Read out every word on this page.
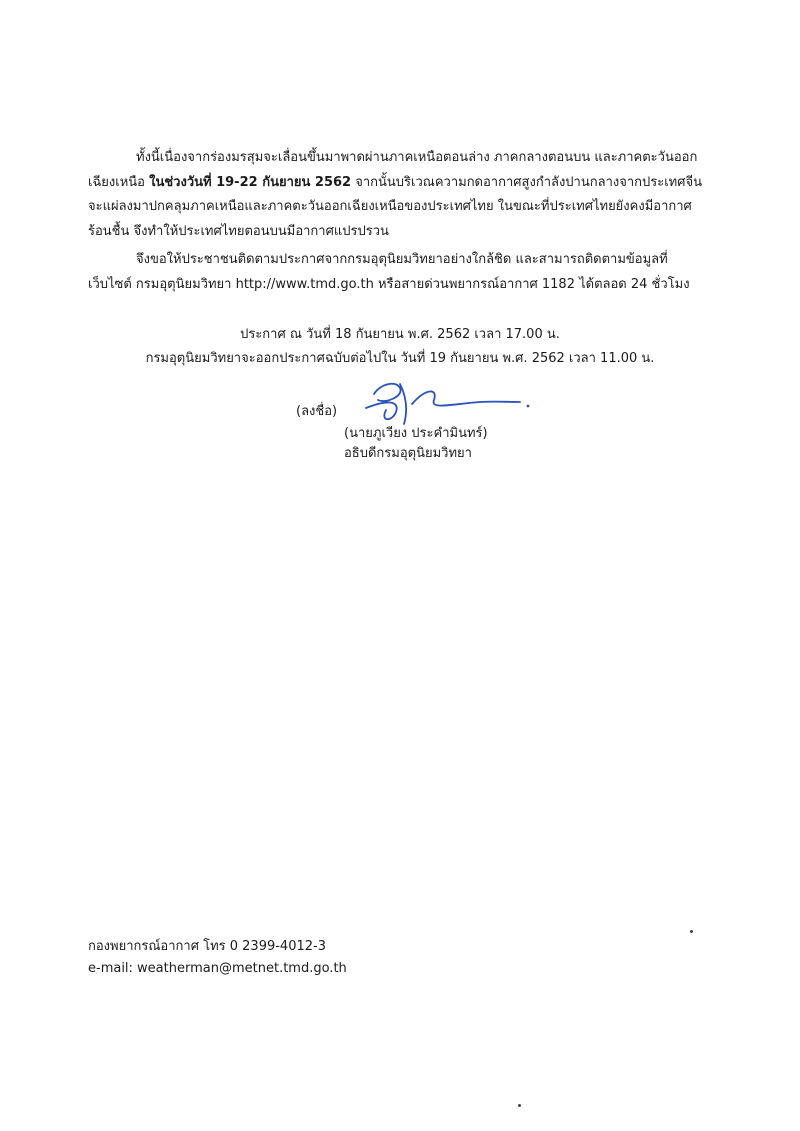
ทั้งนี้เนื่องจากร่องมรสุมจะเลื่อนขึ้นมาพาดผ่านภาคเหนือตอนล่าง ภาคกลางตอนบน และภาคตะวันออกเฉียงเหนือ ในช่วงวันที่ 19-22 กันยายน 2562 จากนั้นบริเวณความกดอากาศสูงกำลังปานกลางจากประเทศจีนจะแผ่ลงมาปกคลุมภาคเหนือและภาคตะวันออกเฉียงเหนือของประเทศไทย ในขณะที่ประเทศไทยยังคงมีอากาศร้อนชื้น จึงทำให้ประเทศไทยตอนบนมีอากาศแปรปรวน

จึงขอให้ประชาชนติดตามประกาศจากกรมอุตุนิยมวิทยาอย่างใกล้ชิด และสามารถติดตามข้อมูลที่เว็บไซต์ กรมอุตุนิยมวิทยา http://www.tmd.go.th หรือสายด่วนพยากรณ์อากาศ 1182 ได้ตลอด 24 ชั่วโมง

ประกาศ ณ วันที่ 18 กันยายน พ.ศ. 2562 เวลา 17.00 น.

กรมอุตุนิยมวิทยาจะออกประกาศฉบับต่อไปใน วันที่ 19 กันยายน พ.ศ. 2562 เวลา 11.00 น.

(ลงชื่อ)
(นายภูเวียง ประคำมินทร์)
อธิบดีกรมอุตุนิยมวิทยา

กองพยากรณ์อากาศ โทร 0 2399-4012-3

e-mail: weatherman@metnet.tmd.go.th
